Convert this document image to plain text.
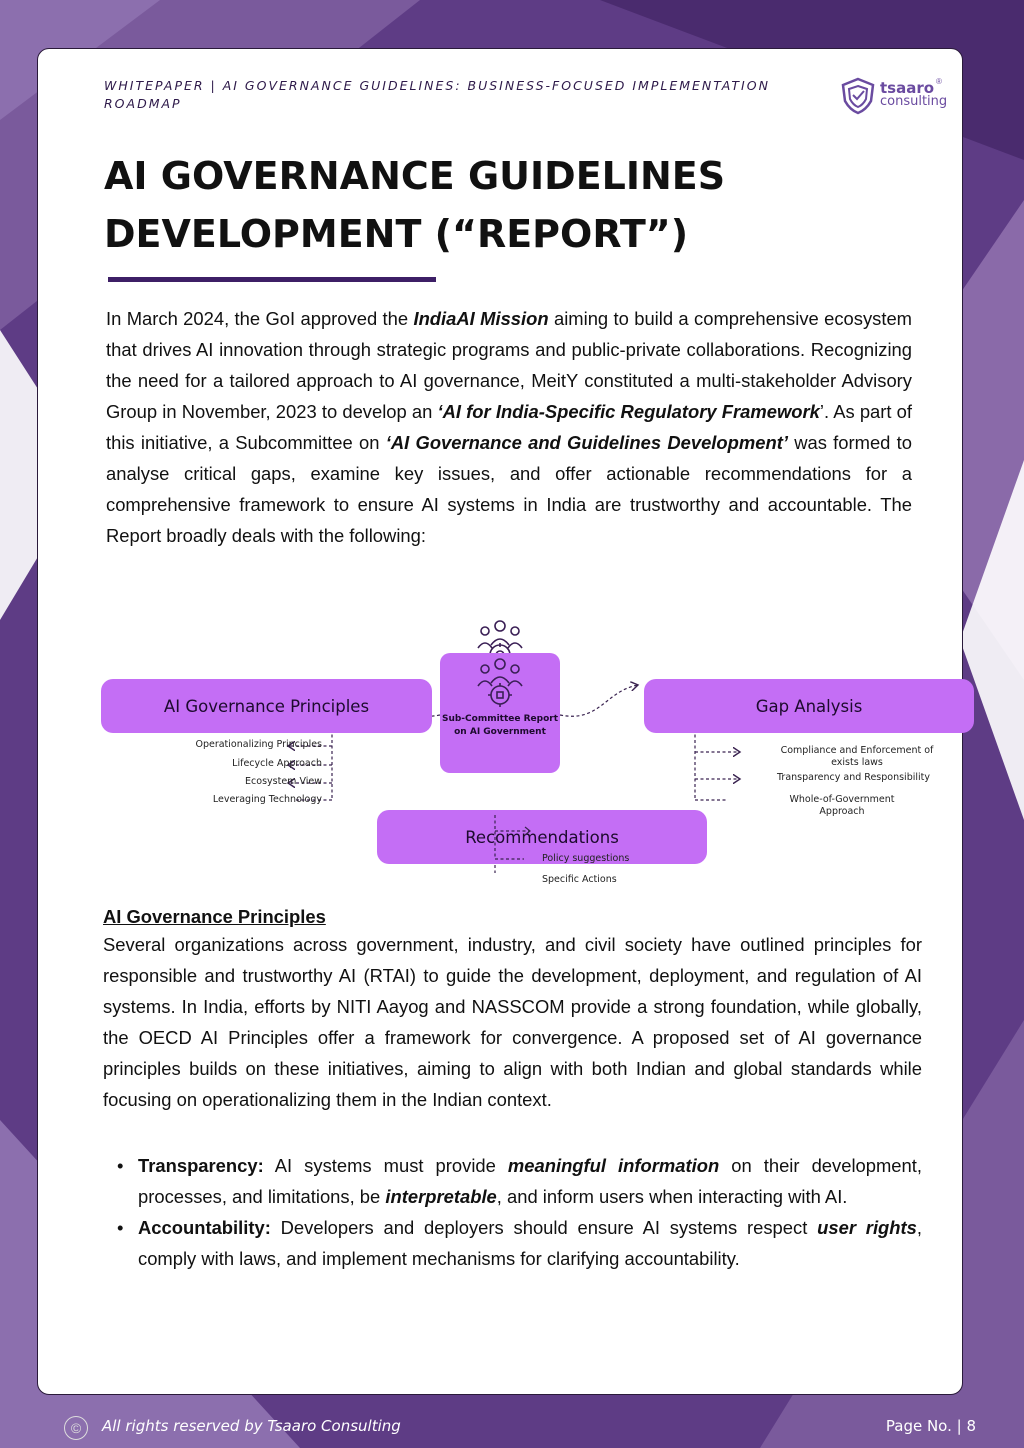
WHITEPAPER | AI GOVERNANCE GUIDELINES: BUSINESS-FOCUSED IMPLEMENTATION ROADMAP
tsaaro ®
consulting
AI GOVERNANCE GUIDELINES DEVELOPMENT (“REPORT”)

In March 2024, the GoI approved the IndiaAI Mission aiming to build a comprehensive ecosystem that drives AI innovation through strategic programs and public-private collaborations. Recognizing the need for a tailored approach to AI governance, MeitY constituted a multi-stakeholder Advisory Group in November, 2023 to develop an ‘AI for India-Specific Regulatory Framework’. As part of this initiative, a Subcommittee on ‘AI Governance and Guidelines Development’ was formed to analyse critical gaps, examine key issues, and offer actionable recommendations for a comprehensive framework to ensure AI systems in India are trustworthy and accountable. The Report broadly deals with the following:

AI Governance Principles	Gap Analysis
Recommendations
Sub-Committee Report on AI Government
Operationalizing Principles
Lifecycle Approach
Ecosystem View
Leveraging Technology
Compliance and Enforcement of exists laws
Transparency and Responsibility
Whole-of-Government Approach
Specific Actions
Policy suggestions
AI Governance Principles

Several organizations across government, industry, and civil society have outlined principles for responsible and trustworthy AI (RTAI) to guide the development, deployment, and regulation of AI systems. In India, efforts by NITI Aayog and NASSCOM provide a strong foundation, while globally, the OECD AI Principles offer a framework for convergence. A proposed set of AI governance principles builds on these initiatives, aiming to align with both Indian and global standards while focusing on operationalizing them in the Indian context.

• Transparency: AI systems must provide meaningful information on their development, processes, and limitations, be interpretable, and inform users when interacting with AI.
• Accountability: Developers and deployers should ensure AI systems respect user rights, comply with laws, and implement mechanisms for clarifying accountability.
©	All rights reserved by Tsaaro Consulting	Page No. | 8
